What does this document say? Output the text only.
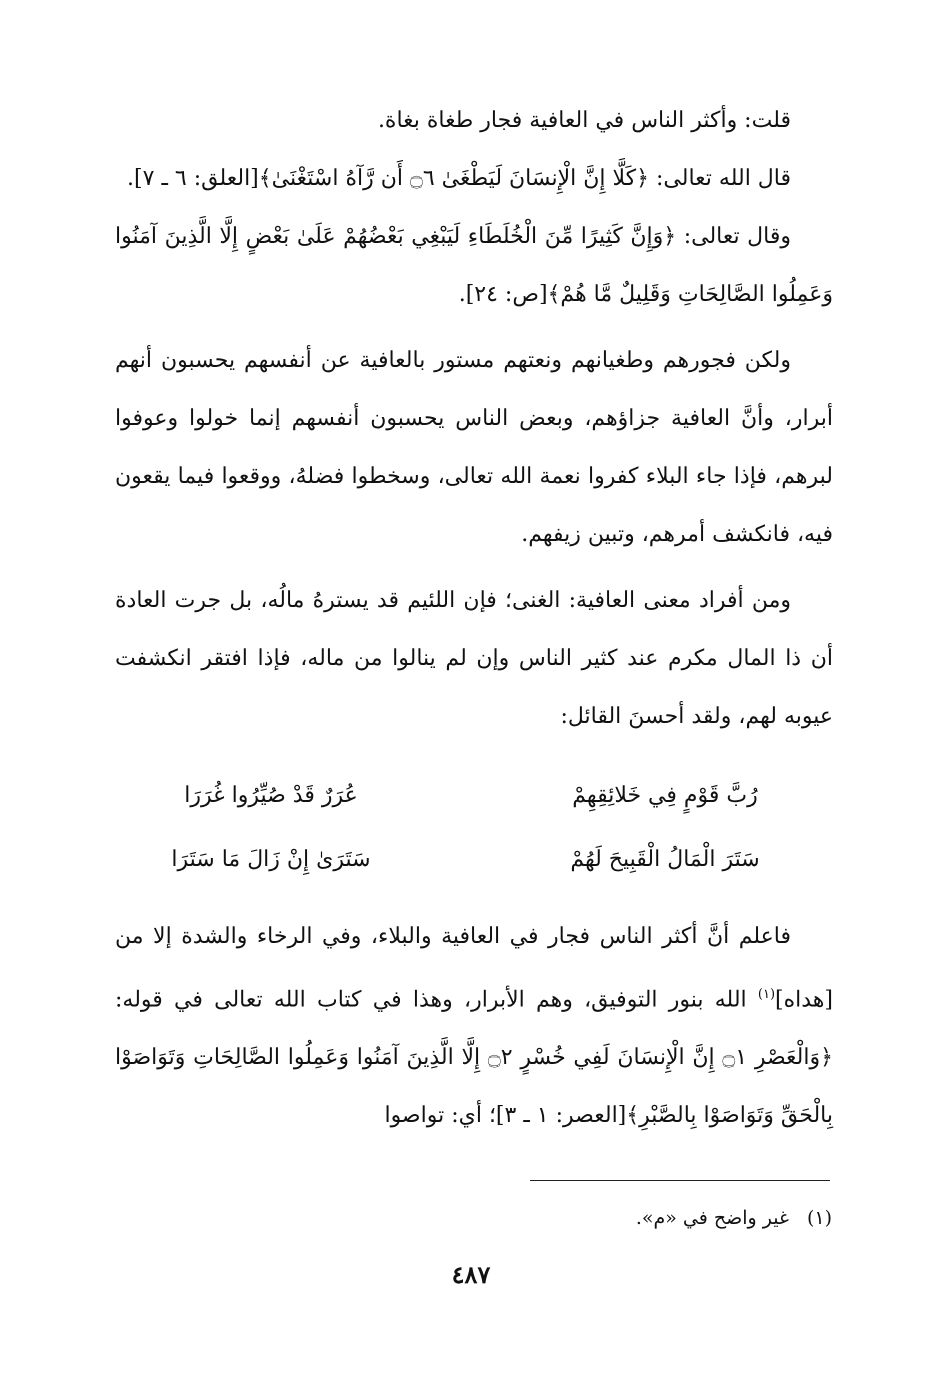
قلت: وأكثر الناس في العافية فجار طغاة بغاة.

قال الله تعالى: ﴿كَلَّا إِنَّ الْإِنسَانَ لَيَطْغَىٰ ۝٦ أَن رَّآهُ اسْتَغْنَىٰ﴾[العلق: ٦ ـ ٧].

وقال تعالى: ﴿وَإِنَّ كَثِيرًا مِّنَ الْخُلَطَاءِ لَيَبْغِي بَعْضُهُمْ عَلَىٰ بَعْضٍ إِلَّا الَّذِينَ آمَنُوا وَعَمِلُوا الصَّالِحَاتِ وَقَلِيلٌ مَّا هُمْ﴾[ص: ٢٤].

ولكن فجورهم وطغيانهم ونعتهم مستور بالعافية عن أنفسهم يحسبون أنهم أبرار، وأنَّ العافية جزاؤهم، وبعض الناس يحسبون أنفسهم إنما خولوا وعوفوا لبرهم، فإذا جاء البلاء كفروا نعمة الله تعالى، وسخطوا فضلهُ، ووقعوا فيما يقعون فيه، فانكشف أمرهم، وتبين زيفهم.

ومن أفراد معنى العافية: الغنى؛ فإن اللئيم قد يسترهُ مالُه، بل جرت العادة أن ذا المال مكرم عند كثير الناس وإن لم ينالوا من ماله، فإذا افتقر انكشفت عيوبه لهم، ولقد أحسنَ القائل:

رُبَّ قَوْمٍ فِي خَلائِقِهِمْ
عُرَرٌ قَدْ صُيِّرُوا غُرَرَا
سَتَرَ الْمَالُ الْقَبِيحَ لَهُمْ
سَتَرَىٰ إِنْ زَالَ مَا سَتَرَا

فاعلم أنَّ أكثر الناس فجار في العافية والبلاء، وفي الرخاء والشدة إلا من [هداه]$^{(١)}$ الله بنور التوفيق، وهم الأبرار، وهذا في كتاب الله تعالى في قوله: ﴿وَالْعَصْرِ ۝١ إِنَّ الْإِنسَانَ لَفِي خُسْرٍ ۝٢ إِلَّا الَّذِينَ آمَنُوا وَعَمِلُوا الصَّالِحَاتِ وَتَوَاصَوْا بِالْحَقِّ وَتَوَاصَوْا بِالصَّبْرِ﴾[العصر: ١ ـ ٣]؛ أي: تواصوا

(١)غير واضح في «م».
٤٨٧
